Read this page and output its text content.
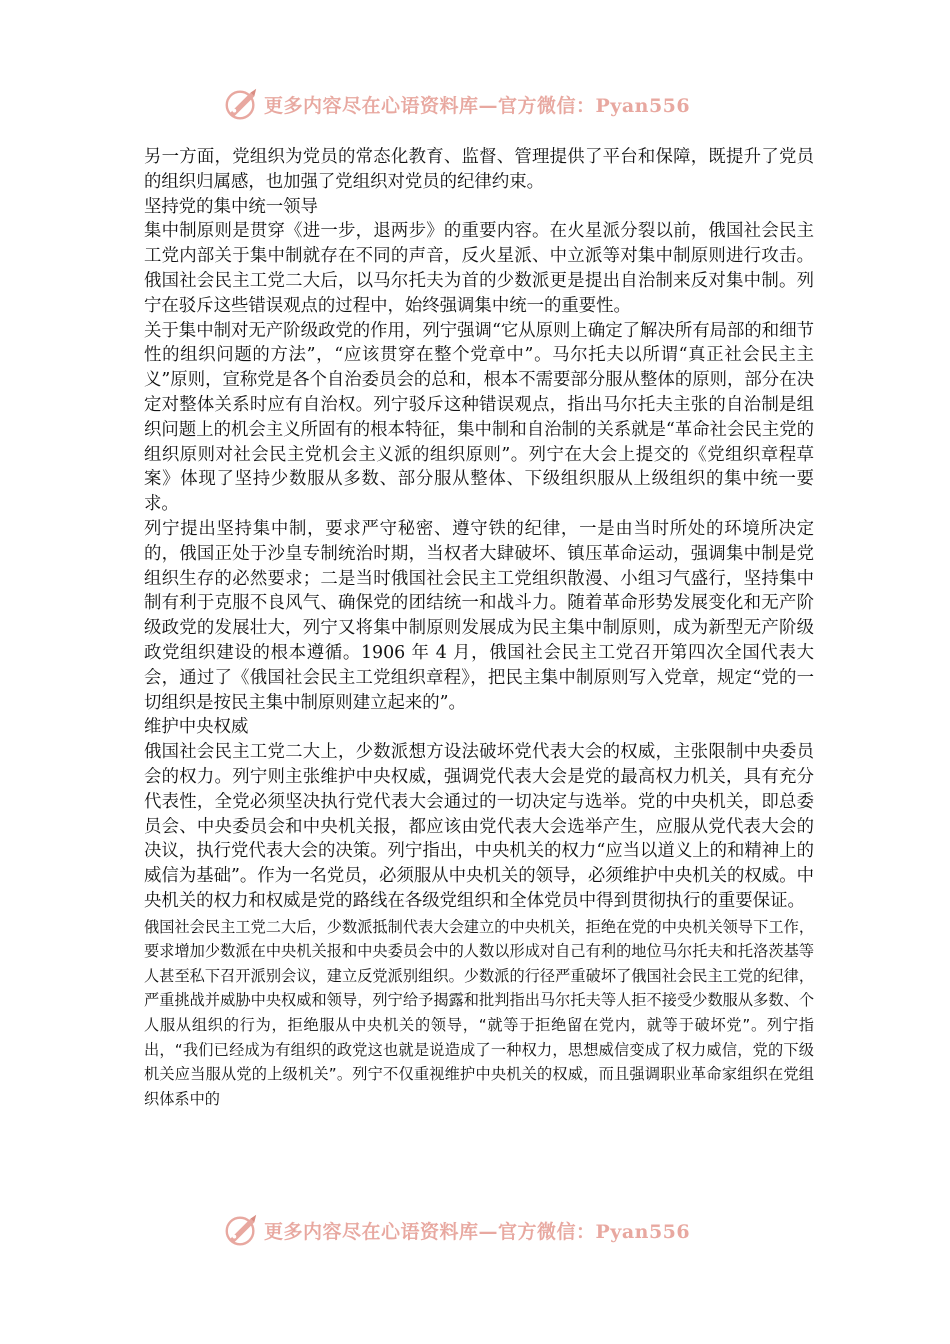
更多内容尽在心语资料库—官方微信：Pyan556

另一方面，党组织为党员的常态化教育、监督、管理提供了平台和保障，既提升了党员的组织归属感，也加强了党组织对党员的纪律约束。

坚持党的集中统一领导

集中制原则是贯穿《进一步，退两步》的重要内容。在火星派分裂以前，俄国社会民主工党内部关于集中制就存在不同的声音，反火星派、中立派等对集中制原则进行攻击。俄国社会民主工党二大后，以马尔托夫为首的少数派更是提出自治制来反对集中制。列宁在驳斥这些错误观点的过程中，始终强调集中统一的重要性。

关于集中制对无产阶级政党的作用，列宁强调“它从原则上确定了解决所有局部的和细节性的组织问题的方法”，“应该贯穿在整个党章中”。马尔托夫以所谓“真正社会民主主义”原则，宣称党是各个自治委员会的总和，根本不需要部分服从整体的原则，部分在决定对整体关系时应有自治权。列宁驳斥这种错误观点，指出马尔托夫主张的自治制是组织问题上的机会主义所固有的根本特征，集中制和自治制的关系就是“革命社会民主党的组织原则对社会民主党机会主义派的组织原则”。列宁在大会上提交的《党组织章程草案》体现了坚持少数服从多数、部分服从整体、下级组织服从上级组织的集中统一要求。

列宁提出坚持集中制，要求严守秘密、遵守铁的纪律，一是由当时所处的环境所决定的，俄国正处于沙皇专制统治时期，当权者大肆破坏、镇压革命运动，强调集中制是党组织生存的必然要求；二是当时俄国社会民主工党组织散漫、小组习气盛行，坚持集中制有利于克服不良风气、确保党的团结统一和战斗力。随着革命形势发展变化和无产阶级政党的发展壮大，列宁又将集中制原则发展成为民主集中制原则，成为新型无产阶级政党组织建设的根本遵循。1906 年 4 月，俄国社会民主工党召开第四次全国代表大会，通过了《俄国社会民主工党组织章程》，把民主集中制原则写入党章，规定“党的一切组织是按民主集中制原则建立起来的”。

维护中央权威

俄国社会民主工党二大上，少数派想方设法破坏党代表大会的权威，主张限制中央委员会的权力。列宁则主张维护中央权威，强调党代表大会是党的最高权力机关，具有充分代表性，全党必须坚决执行党代表大会通过的一切决定与选举。党的中央机关，即总委员会、中央委员会和中央机关报，都应该由党代表大会选举产生，应服从党代表大会的决议，执行党代表大会的决策。列宁指出，中央机关的权力“应当以道义上的和精神上的威信为基础”。作为一名党员，必须服从中央机关的领导，必须维护中央机关的权威。中央机关的权力和权威是党的路线在各级党组织和全体党员中得到贯彻执行的重要保证。

俄国社会民主工党二大后，少数派抵制代表大会建立的中央机关，拒绝在党的中央机关领导下工作，要求增加少数派在中央机关报和中央委员会中的人数以形成对自己有利的地位马尔托夫和托洛茨基等人甚至私下召开派别会议，建立反党派别组织。少数派的行径严重破坏了俄国社会民主工党的纪律，严重挑战并威胁中央权威和领导，列宁给予揭露和批判指出马尔托夫等人拒不接受少数服从多数、个人服从组织的行为，拒绝服从中央机关的领导，“就等于拒绝留在党内，就等于破坏党”。列宁指出，“我们已经成为有组织的政党这也就是说造成了一种权力，思想威信变成了权力威信，党的下级机关应当服从党的上级机关”。列宁不仅重视维护中央机关的权威，而且强调职业革命家组织在党组织体系中的

更多内容尽在心语资料库—官方微信：Pyan556
